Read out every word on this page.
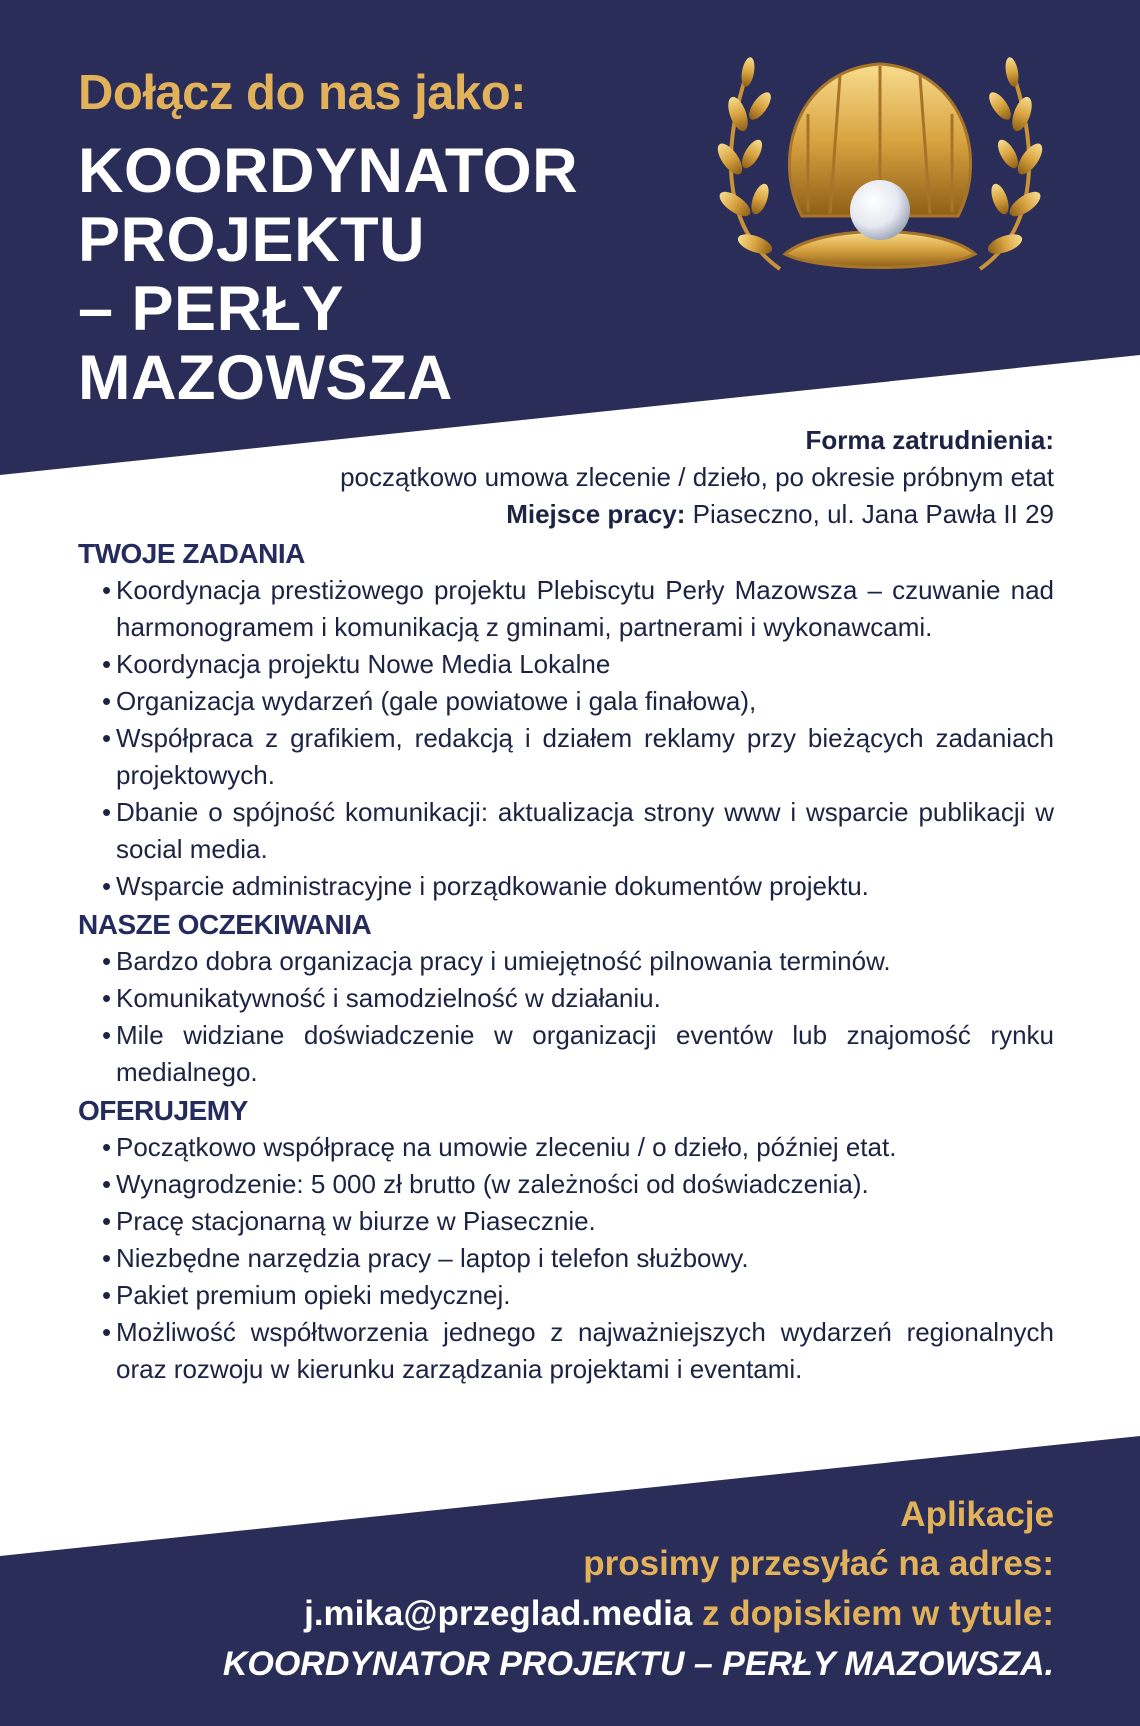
Dołącz do nas jako:
KOORDYNATOR
PROJEKTU
– PERŁY MAZOWSZA
Forma zatrudnienia:
początkowo umowa zlecenie / dzieło, po okresie próbnym etat
Miejsce pracy: Piaseczno, ul. Jana Pawła II 29
TWOJE ZADANIA
• Koordynacja prestiżowego projektu Plebiscytu Perły Mazowsza – czuwanie nad harmonogramem i komunikacją z gminami, partnerami i wykonawcami.
• Koordynacja projektu Nowe Media Lokalne
• Organizacja wydarzeń (gale powiatowe i gala finałowa),
• Współpraca z grafikiem, redakcją i działem reklamy przy bieżących zadaniach projektowych.
• Dbanie o spójność komunikacji: aktualizacja strony www i wsparcie publikacji w social media.
• Wsparcie administracyjne i porządkowanie dokumentów projektu.
NASZE OCZEKIWANIA
• Bardzo dobra organizacja pracy i umiejętność pilnowania terminów.
• Komunikatywność i samodzielność w działaniu.
• Mile widziane doświadczenie w organizacji eventów lub znajomość rynku medialnego.
OFERUJEMY
• Początkowo współpracę na umowie zleceniu / o dzieło, później etat.
• Wynagrodzenie: 5 000 zł brutto (w zależności od doświadczenia).
• Pracę stacjonarną w biurze w Piasecznie.
• Niezbędne narzędzia pracy – laptop i telefon służbowy.
• Pakiet premium opieki medycznej.
• Możliwość współtworzenia jednego z najważniejszych wydarzeń regionalnych oraz rozwoju w kierunku zarządzania projektami i eventami.
Aplikacje
prosimy przesyłać na adres:
j.mika@przeglad.media z dopiskiem w tytule:
KOORDYNATOR PROJEKTU – PERŁY MAZOWSZA.
